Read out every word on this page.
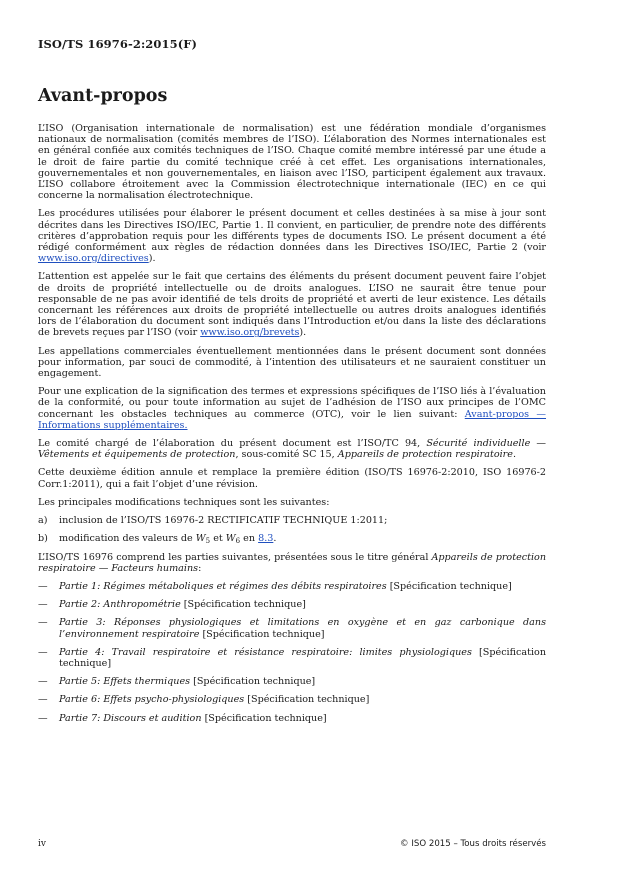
ISO/TS 16976-2:2015(F)
Avant-propos

L’ISO (Organisation internationale de normalisation) est une fédération mondiale d’organismes nationaux de normalisation (comités membres de l’ISO). L’élaboration des Normes internationales est en général confiée aux comités techniques de l’ISO. Chaque comité membre intéressé par une étude a le droit de faire partie du comité technique créé à cet effet. Les organisations internationales, gouvernementales et non gouvernementales, en liaison avec l’ISO, participent également aux travaux. L’ISO collabore étroitement avec la Commission électrotechnique internationale (IEC) en ce qui concerne la normalisation électrotechnique.

Les procédures utilisées pour élaborer le présent document et celles destinées à sa mise à jour sont décrites dans les Directives ISO/IEC, Partie 1. Il convient, en particulier, de prendre note des différents critères d’approbation requis pour les différents types de documents ISO. Le présent document a été rédigé conformément aux règles de rédaction données dans les Directives ISO/IEC, Partie 2 (voir www.iso.org/directives).

L’attention est appelée sur le fait que certains des éléments du présent document peuvent faire l’objet de droits de propriété intellectuelle ou de droits analogues. L’ISO ne saurait être tenue pour responsable de ne pas avoir identifié de tels droits de propriété et averti de leur existence. Les détails concernant les références aux droits de propriété intellectuelle ou autres droits analogues identifiés lors de l’élaboration du document sont indiqués dans l’Introduction et/ou dans la liste des déclarations de brevets reçues par l’ISO (voir www.iso.org/brevets).

Les appellations commerciales éventuellement mentionnées dans le présent document sont données pour information, par souci de commodité, à l’intention des utilisateurs et ne sauraient constituer un engagement.

Pour une explication de la signification des termes et expressions spécifiques de l’ISO liés à l’évaluation de la conformité, ou pour toute information au sujet de l’adhésion de l’ISO aux principes de l’OMC concernant les obstacles techniques au commerce (OTC), voir le lien suivant: Avant-propos — Informations supplémentaires.

Le comité chargé de l’élaboration du présent document est l’ISO/TC 94, Sécurité individuelle — Vêtements et équipements de protection, sous-comité SC 15, Appareils de protection respiratoire.

Cette deuxième édition annule et remplace la première édition (ISO/TS 16976-2:2010, ISO 16976-2 Corr.1:2011), qui a fait l’objet d’une révision.

Les principales modifications techniques sont les suivantes:

a) inclusion de l’ISO/TS 16976-2 RECTIFICATIF TECHNIQUE 1:2011;
b) modification des valeurs de $W_5$ et $W_6$ en 8.3.

L’ISO/TS 16976 comprend les parties suivantes, présentées sous le titre général Appareils de protection respiratoire — Facteurs humains:

— Partie 1: Régimes métaboliques et régimes des débits respiratoires [Spécification technique]
— Partie 2: Anthropométrie [Spécification technique]
— Partie 3: Réponses physiologiques et limitations en oxygène et en gaz carbonique dans l’environnement respiratoire [Spécification technique]
— Partie 4: Travail respiratoire et résistance respiratoire: limites physiologiques [Spécification technique]
— Partie 5: Effets thermiques [Spécification technique]
— Partie 6: Effets psycho-physiologiques [Spécification technique]
— Partie 7: Discours et audition [Spécification technique]
iv	© ISO 2015 – Tous droits réservés
